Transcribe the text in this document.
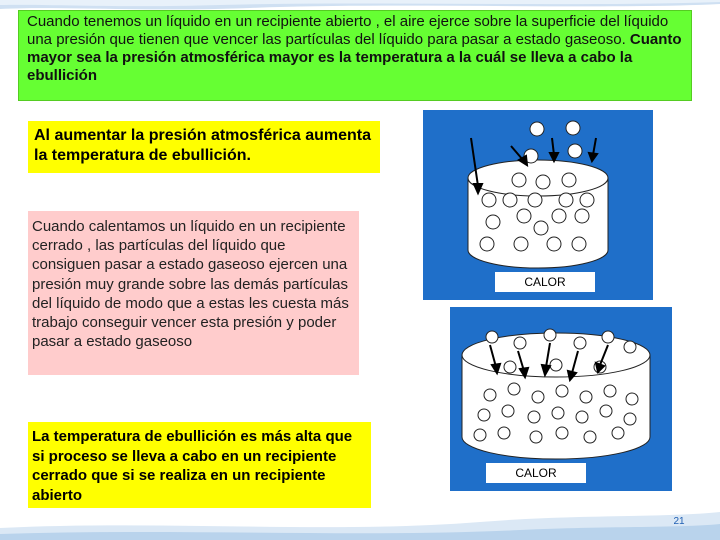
Cuando tenemos un líquido en un recipiente abierto , el aire ejerce sobre la superficie del líquido una presión que tienen que vencer las partículas del líquido para pasar a estado gaseoso. Cuanto mayor sea la presión atmosférica mayor es la temperatura a la cuál se lleva a cabo la ebullición
Al aumentar la presión atmosférica aumenta la temperatura de ebullición.
Cuando calentamos un líquido en un recipiente cerrado , las partículas del líquido que consiguen pasar a estado gaseoso ejercen una presión muy grande sobre las demás partículas del líquido de modo que a estas les cuesta más trabajo conseguir vencer esta presión y poder pasar a estado gaseoso
La temperatura de ebullición es más alta que si proceso se lleva a cabo en un recipiente cerrado que si se realiza en un recipiente abierto
CALOR
CALOR
21
